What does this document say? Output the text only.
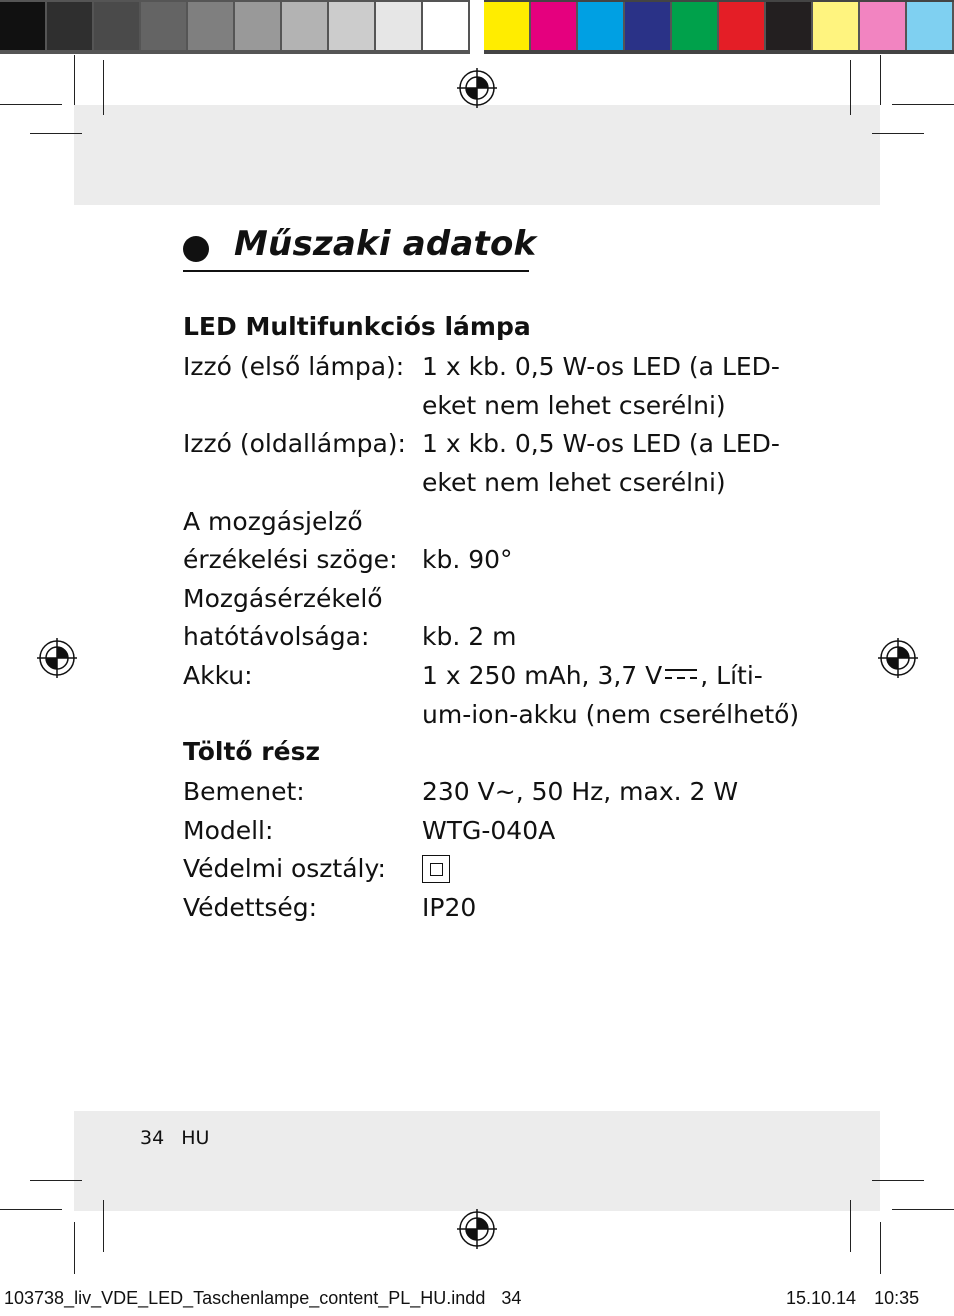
Műszaki adatok
LED Multifunkciós lámpa
Izzó (első lámpa): 1 x kb. 0,5 W-os LED (a LED-
eket nem lehet cserélni)
Izzó (oldallámpa): 1 x kb. 0,5 W-os LED (a LED-
eket nem lehet cserélni)
A mozgásjelző
érzékelési szöge: kb. 90°
Mozgásérzékelő
hatótávolsága: kb. 2 m
Akku:	1 x 250 mAh, 3,7 V , Líti-
um-ion-akku (nem cserélhető)
Töltő rész
Bemenet:	230 V~, 50 Hz, max. 2 W
Modell:	WTG-040A
Védelmi osztály:
Védettség:	IP20
34 HU
103738_liv_VDE_LED_Taschenlampe_content_PL_HU.indd 34	15.10.14 10:35
